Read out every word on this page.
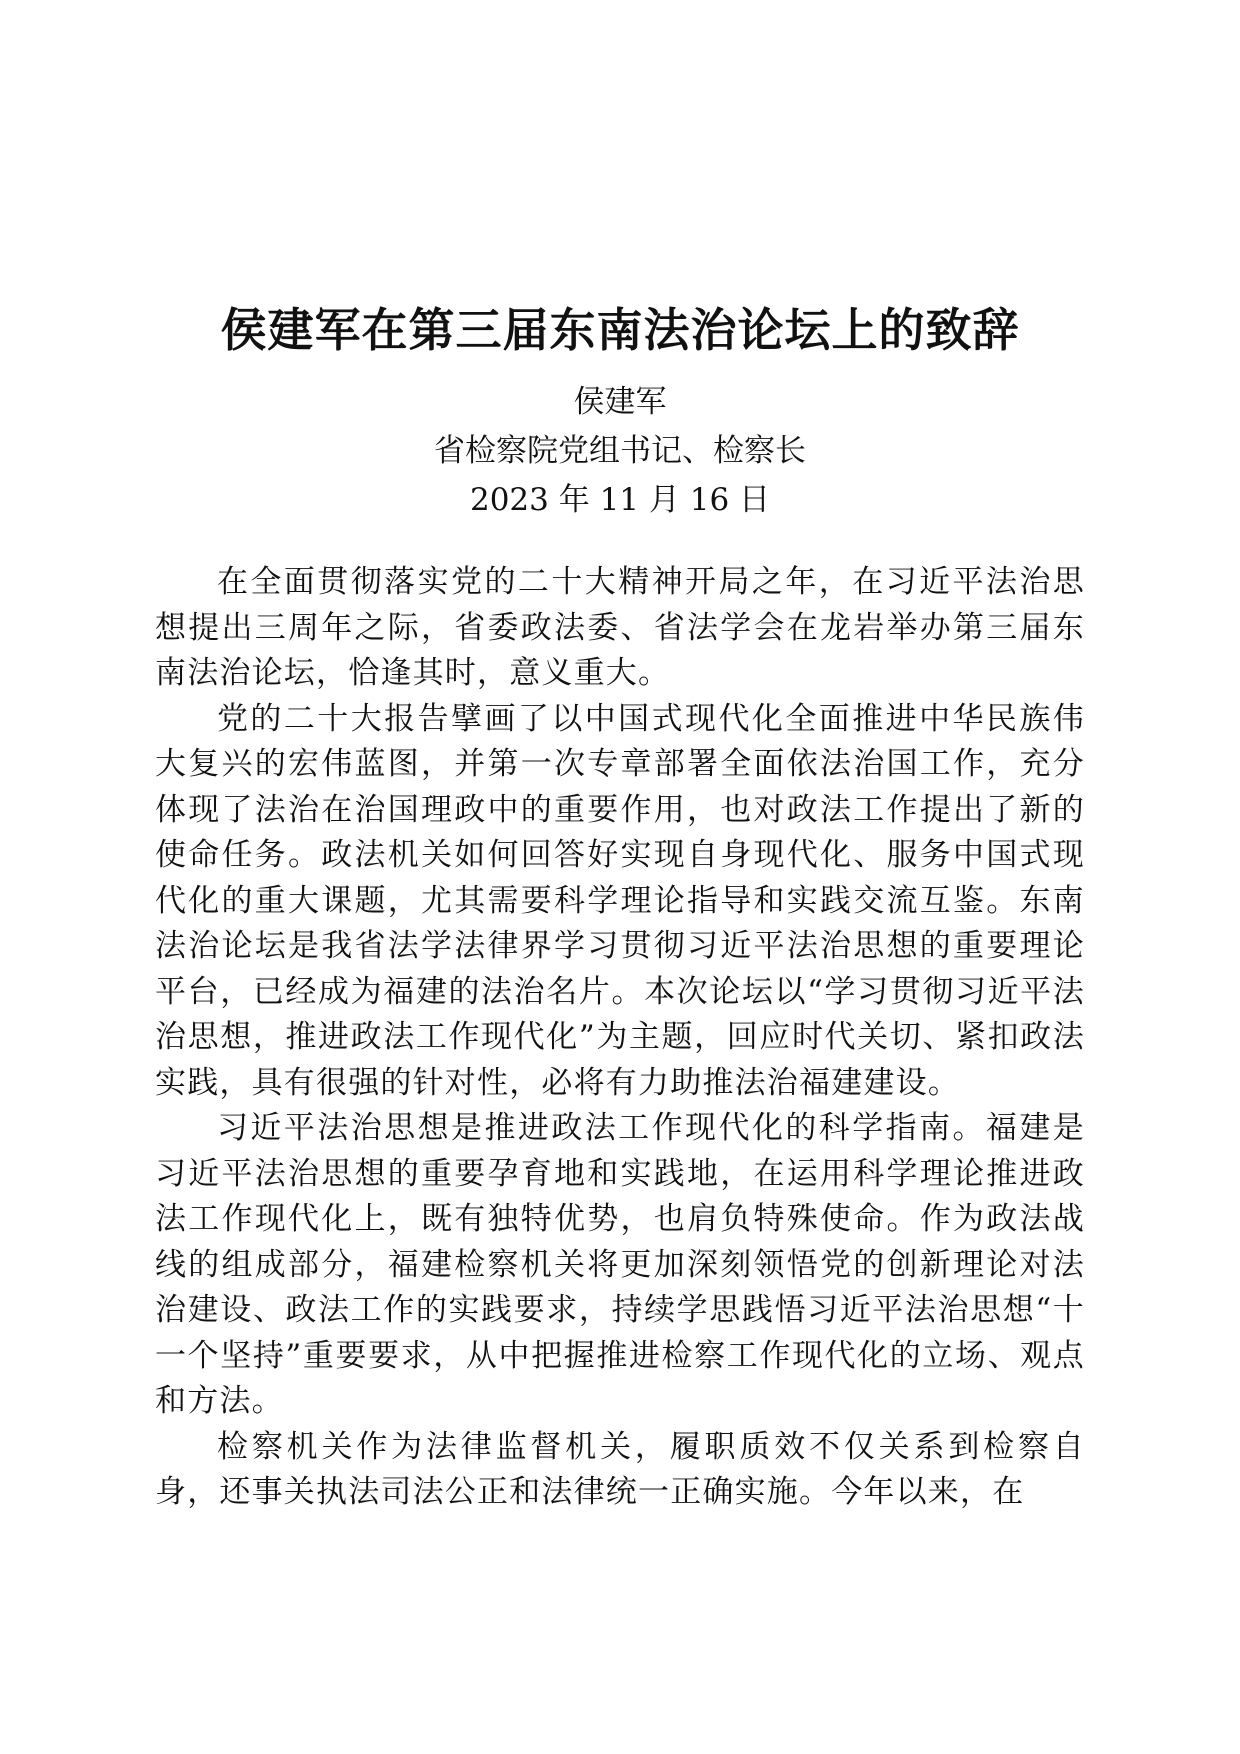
侯建军在第三届东南法治论坛上的致辞
侯建军
省检察院党组书记、检察长
2023 年 11 月 16 日

在全面贯彻落实党的二十大精神开局之年，在习近平法治思想提出三周年之际，省委政法委、省法学会在龙岩举办第三届东南法治论坛，恰逢其时，意义重大。

党的二十大报告擘画了以中国式现代化全面推进中华民族伟大复兴的宏伟蓝图，并第一次专章部署全面依法治国工作，充分体现了法治在治国理政中的重要作用，也对政法工作提出了新的使命任务。政法机关如何回答好实现自身现代化、服务中国式现代化的重大课题，尤其需要科学理论指导和实践交流互鉴。东南法治论坛是我省法学法律界学习贯彻习近平法治思想的重要理论平台，已经成为福建的法治名片。本次论坛以“学习贯彻习近平法治思想，推进政法工作现代化”为主题，回应时代关切、紧扣政法实践，具有很强的针对性，必将有力助推法治福建建设。

习近平法治思想是推进政法工作现代化的科学指南。福建是习近平法治思想的重要孕育地和实践地，在运用科学理论推进政法工作现代化上，既有独特优势，也肩负特殊使命。作为政法战线的组成部分，福建检察机关将更加深刻领悟党的创新理论对法治建设、政法工作的实践要求，持续学思践悟习近平法治思想“十一个坚持”重要要求，从中把握推进检察工作现代化的立场、观点和方法。

检察机关作为法律监督机关，履职质效不仅关系到检察自身，还事关执法司法公正和法律统一正确实施。今年以来，在
